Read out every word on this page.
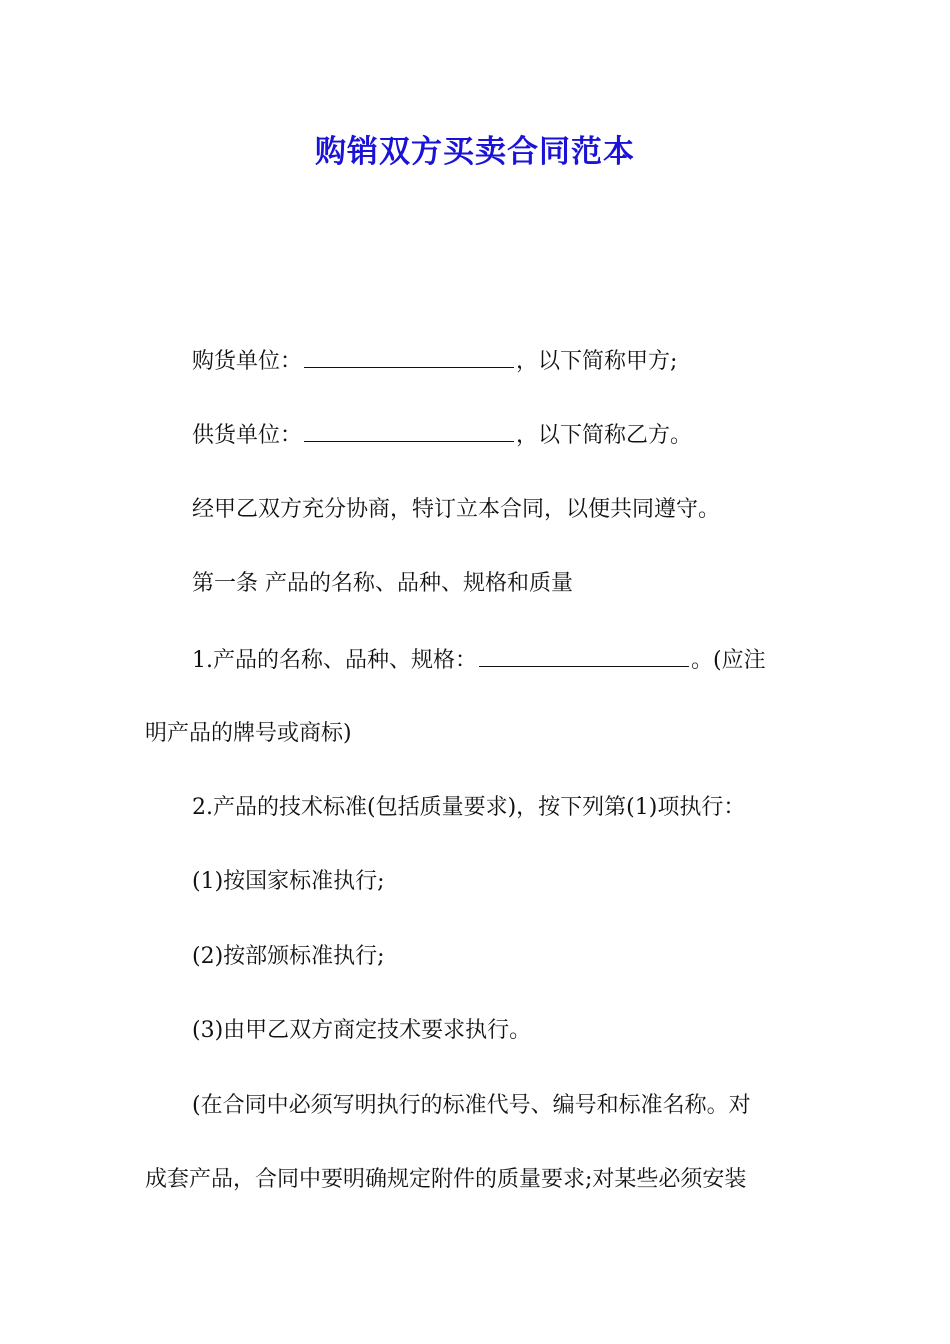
购销双方买卖合同范本
购货单位：	，以下简称甲方;
供货单位：	，以下简称乙方。
经甲乙双方充分协商，特订立本合同，以便共同遵守。
第一条 产品的名称、品种、规格和质量
1.产品的名称、品种、规格：	。(应注
明产品的牌号或商标)
2.产品的技术标准(包括质量要求)，按下列第(1)项执行：
(1)按国家标准执行;
(2)按部颁标准执行;
(3)由甲乙双方商定技术要求执行。
(在合同中必须写明执行的标准代号、编号和标准名称。对
成套产品，合同中要明确规定附件的质量要求;对某些必须安装
